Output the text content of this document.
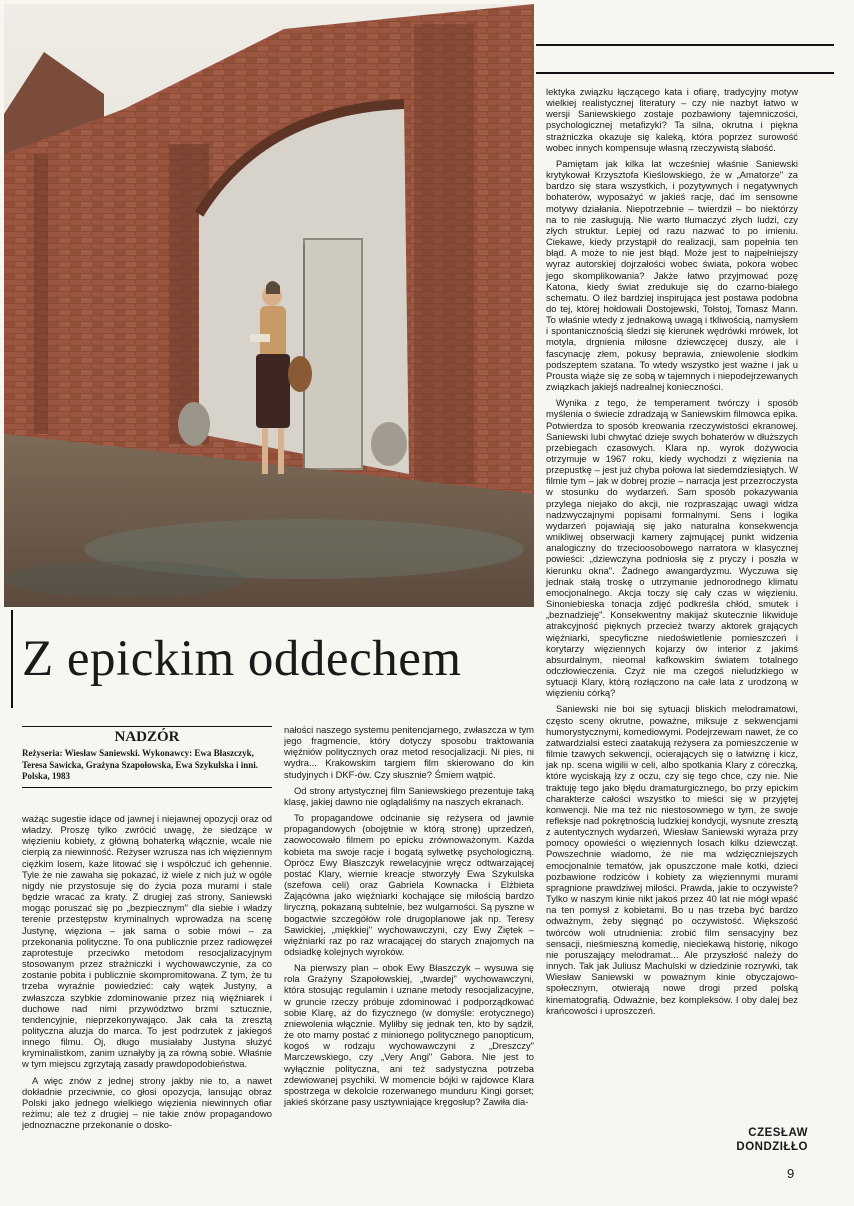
Z epickim oddechem
NADZÓR
Reżyseria: Wiesław Saniewski. Wykonawcy: Ewa Błaszczyk, Teresa Sawicka, Grażyna Szapołowska, Ewa Szykulska i inni. Polska, 1983

ważąc sugestie idące od jawnej i niejawnej opozycji oraz od władzy. Proszę tylko zwrócić uwagę, że siedzące w więzieniu kobiety, z główną bohaterką włącznie, wcale nie cierpią za niewinność. Reżyser wzrusza nas ich więziennym ciężkim losem, każe litować się i współczuć ich gehennie. Tyle że nie zawaha się pokazać, iż wiele z nich już w ogóle nigdy nie przystosuje się do życia poza murami i stale będzie wracać za kraty. Z drugiej zaś strony, Saniewski mogąc poruszać się po „bezpiecznym" dla siebie i władzy terenie przestępstw kryminalnych wprowadza na scenę Justynę, więziona – jak sama o sobie mówi – za przekonania polityczne. To ona publicznie przez radiowęzeł zaprotestuje przeciwko metodom resocjalizacyjnym stosowanym przez strażniczki i wychowawczynie, za co zostanie pobita i publicznie skompromitowana. Z tym, że tu trzeba wyraźnie powiedzieć: cały wątek Justyny, a zwłaszcza szybkie zdominowanie przez nią więźniarek i duchowe nad nimi przywództwo brzmi sztucznie, tendencyjnie, nieprzekonywająco. Jak cała ta zresztą polityczna aluzja do marca. To jest podrzutek z jakiegoś innego filmu. Oj, długo musiałaby Justyna służyć kryminalistkom, zanim uznałyby ją za równą sobie. Właśnie w tym miejscu zgrzytają zasady prawdopodobieństwa.

A więc znów z jednej strony jakby nie to, a nawet dokładnie przeciwnie, co głosi opozycja, lansując obraz Polski jako jednego wielkiego więzienia niewinnych ofiar reżimu; ale też z drugiej – nie takie znów propagandowo jednoznaczne przekonanie o dosko-

nałości naszego systemu penitencjarnego, zwłaszcza w tym jego fragmencie, który dotyczy sposobu traktowania więźniów politycznych oraz metod resocjalizacji. Ni pies, ni wydra... Krakowskim targiem film skierowano do kin studyjnych i DKF-ów. Czy słusznie? Śmiem wątpić.

Od strony artystycznej film Saniewskiego prezentuje taką klasę, jakiej dawno nie oglądaliśmy na naszych ekranach.

To propagandowe odcinanie się reżysera od jawnie propagandowych (obojętnie w którą stronę) uprzedzeń, zaowocowało filmem po epicku zrównoważonym. Każda kobieta ma swoje racje i bogatą sylwetkę psychologiczną. Oprócz Ewy Błaszczyk rewelacyjnie wręcz odtwarzającej postać Klary, wiernie kreacje stworzyły Ewa Szykulska (szefowa celi) oraz Gabriela Kownacka i Elżbieta Zającówna jako więźniarki kochające się miłością bardzo liryczną, pokazaną subtelnie, bez wulgarności. Są pyszne w bogactwie szczegółów role drugoplanowe jak np. Teresy Sawickiej, „miękkiej" wychowawczyni, czy Ewy Ziętek – więźniarki raz po raz wracającej do starych znajomych na odsiadkę kolejnych wyroków.

Na pierwszy plan – obok Ewy Błaszczyk – wysuwa się rola Grażyny Szapołowskiej, „twardej" wychowawczyni, która stosując regulamin i uznane metody resocjalizacyjne, w gruncie rzeczy próbuje zdominować i podporządkować sobie Klarę, aż do fizycznego (w domyśle: erotycznego) zniewolenia włącznie. Myliłby się jednak ten, kto by sądził, że oto mamy postać z minionego politycznego panopticum, kogoś w rodzaju wychowawczyni z „Dreszczy" Marczewskiego, czy „Very Angi" Gabora. Nie jest to wyłącznie polityczna, ani też sadystyczna potrzeba zdewiowanej psychiki. W momencie bójki w rajdowce Klara spostrzega w dekolcie rozerwanego munduru Kingi gorset; jakieś skórzane pasy usztywniające kręgosłup? Zawiła dia-

lektyka związku łączącego kata i ofiarę, tradycyjny motyw wielkiej realistycznej literatury – czy nie nazbyt łatwo w wersji Saniewskiego zostaje pozbawiony tajemniczości, psychologicznej metafizyki? Ta silna, okrutna i piękna strażniczka okazuje się kaleką, która poprzez surowość wobec innych kompensuje własną rzeczywistą słabość.

Pamiętam jak kilka lat wcześniej właśnie Saniewski krytykował Krzysztofa Kieślowskiego, że w „Amatorze" za bardzo się stara wszystkich, i pozytywnych i negatywnych bohaterów, wyposażyć w jakieś racje, dać im sensowne motywy działania. Niepotrzebnie – twierdził – bo niektórzy na to nie zasługują. Nie warto tłumaczyć złych ludzi, czy złych struktur. Lepiej od razu nazwać to po imieniu. Ciekawe, kiedy przystąpił do realizacji, sam popełnia ten błąd. A może to nie jest błąd. Może jest to najpełniejszy wyraz autorskiej dojrzałości wobec świata, pokora wobec jego skomplikowania? Jakże łatwo przyjmować pozę Katona, kiedy świat zredukuje się do czarno-białego schematu. O ileż bardziej inspirująca jest postawa podobna do tej, której hołdowali Dostojewski, Tołstoj, Tomasz Mann. To właśnie wtedy z jednakową uwagą i tkliwością, namysłem i spontanicznością śledzi się kierunek wędrówki mrówek, lot motyla, drgnienia miłosne dziewczęcej duszy, ale i fascynację złem, pokusy beprawia, zniewolenie słodkim podszeptem szatana. To wtedy wszystko jest ważne i jak u Prousta wiąże się ze sobą w tajemnych i niepodejrzewanych związkach jakiejś nadrealnej konieczności.

Wynika z tego, że temperament twórczy i sposób myślenia o świecie zdradzają w Saniewskim filmowca epika. Potwierdza to sposób kreowania rzeczywistości ekranowej. Saniewski lubi chwytać dzieje swych bohaterów w dłuższych przebiegach czasowych. Klara np. wyrok dożywocia otrzymuje w 1967 roku, kiedy wychodzi z więzienia na przepustkę – jest już chyba połowa lat siedemdziesiątych. W filmie tym – jak w dobrej prozie – narracja jest przezroczysta w stosunku do wydarzeń. Sam sposób pokazywania przylega niejako do akcji, nie rozpraszając uwagi widza nadzwyczajnymi popisami formalnymi. Sens i logika wydarzeń pojawiają się jako naturalna konsekwencja wnikliwej obserwacji kamery zajmującej punkt widzenia analogiczny do trzecioosobowego narratora w klasycznej powieści: „dziewczyna podniosła się z pryczy i poszła w kierunku okna". Żadnego awangardyzmu. Wyczuwa się jednak stałą troskę o utrzymanie jednorodnego klimatu emocjonalnego. Akcja toczy się cały czas w więzieniu. Sinoniebieska tonacja zdjęć podkreśla chłód, smutek i „beznadzieję". Konsekwentny makijaż skutecznie likwiduje atrakcyjność pięknych przecież twarzy aktorek grających więźniarki, specyficzne niedoświetlenie pomieszczeń i korytarzy więziennych kojarzy ów interior z jakimś absurdalnym, nieomal kafkowskim światem totalnego odczłowieczenia. Czyż nie ma czegoś nieludzkiego w sytuacji Klary, którą rozłączono na całe lata z urodzoną w więzieniu córką?

Saniewski nie boi się sytuacji bliskich melodramatowi, często sceny okrutne, poważne, miksuje z sekwencjami humorystycznymi, komediowymi. Podejrzewam nawet, że co zatwardzialsi esteci zaatakują reżysera za pomieszczenie w filmie tzawych sekwencji, ocierających się o łatwiznę i kicz, jak np. scena wigilii w celi, albo spotkania Klary z córeczką, które wyciskają łzy z oczu, czy się tego chce, czy nie. Nie traktuję tego jako błędu dramaturgicznego, bo przy epickim charakterze całości wszystko to mieści się w przyjętej konwencji. Nie ma też nic niestosownego w tym, że swoje refleksje nad pokrętnością ludzkiej kondycji, wysnute zresztą z autentycznych wydarzeń, Wiesław Saniewski wyraża przy pomocy opowieści o więziennych losach kilku dziewcząt. Powszechnie wiadomo, że nie ma wdzięczniejszych emocjonalnie tematów, jak opuszczone małe kotki, dzieci pozbawione rodziców i kobiety za więziennymi murami spragnione prawdziwej miłości. Prawda, jakie to oczywiste? Tylko w naszym kinie nikt jakoś przez 40 lat nie mógł wpaść na ten pomysł z kobietami. Bo u nas trzeba być bardzo odważnym, żeby sięgnąć po oczywistość. Większość twórców woli utrudnienia: zrobić film sensacyjny bez sensacji, nieśmieszną komedię, nieciekawą historię, nikogo nie poruszający melodramat... Ale przyszłość należy do innych. Tak jak Juliusz Machulski w dziedzinie rozrywki, tak Wiesław Saniewski w poważnym kinie obyczajowo-społecznym, otwierają nowe drogi przed polską kinematografią. Odważnie, bez kompleksów. I oby dalej bez krańcowości i uproszczeń.

CZESŁAW
DONDZIŁŁO
9
